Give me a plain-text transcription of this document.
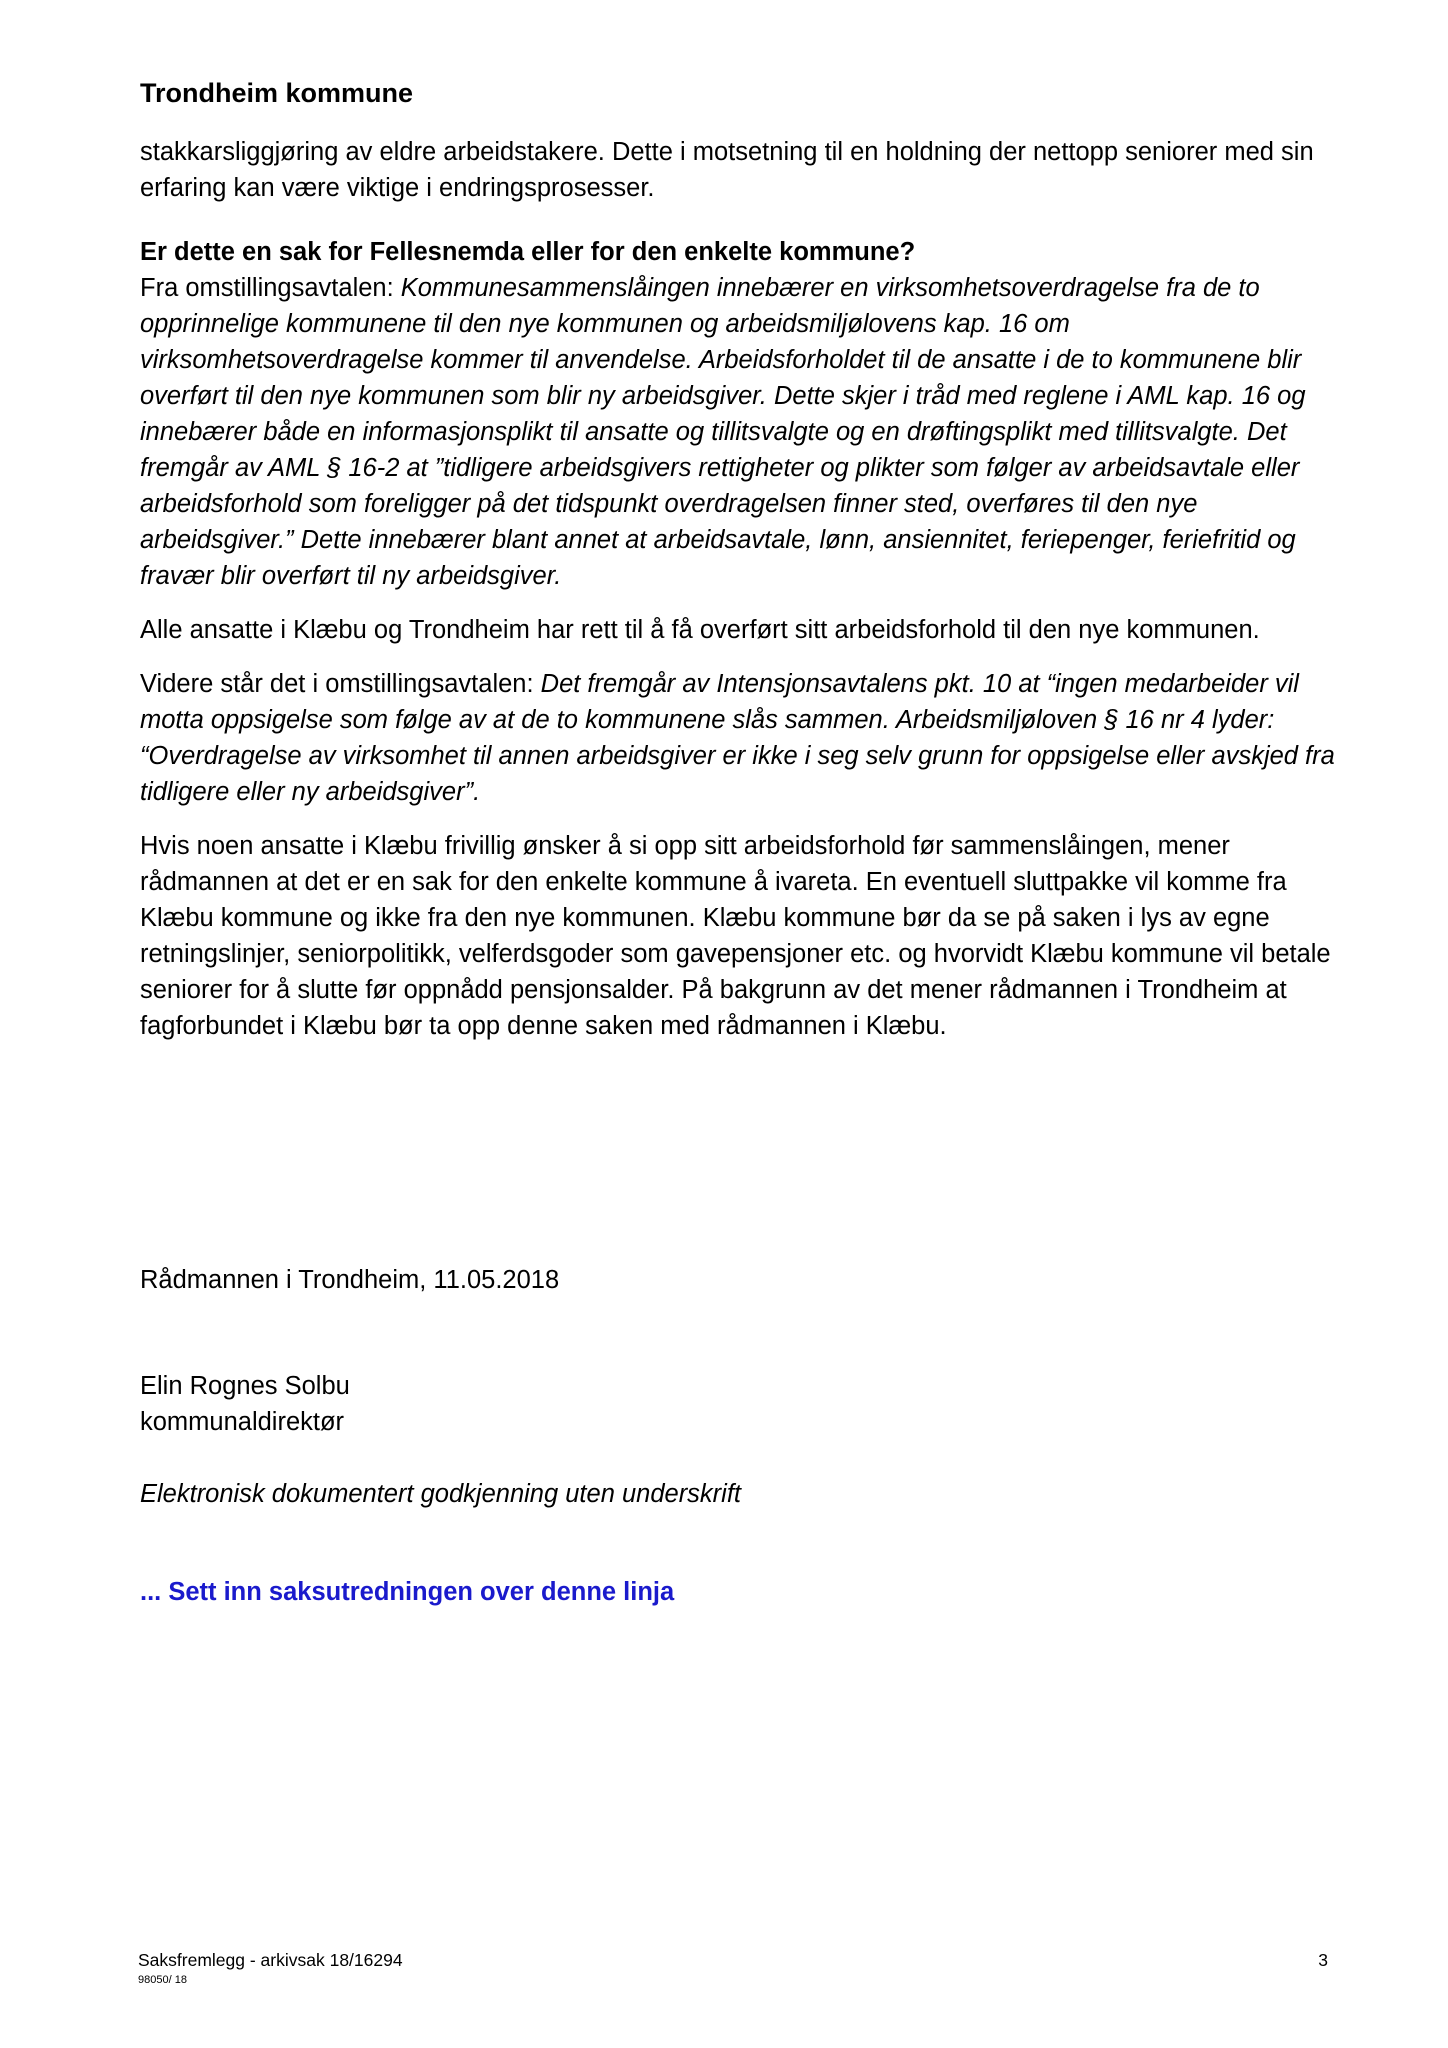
Trondheim kommune

stakkarsliggjøring av eldre arbeidstakere. Dette i motsetning til en holdning der nettopp seniorer med sin erfaring kan være viktige i endringsprosesser.

Er dette en sak for Fellesnemda eller for den enkelte kommune?

Fra omstillingsavtalen: Kommunesammenslåingen innebærer en virksomhetsoverdragelse fra de to opprinnelige kommunene til den nye kommunen og arbeidsmiljølovens kap. 16 om virksomhetsoverdragelse kommer til anvendelse. Arbeidsforholdet til de ansatte i de to kommunene blir overført til den nye kommunen som blir ny arbeidsgiver. Dette skjer i tråd med reglene i AML kap. 16 og innebærer både en informasjonsplikt til ansatte og tillitsvalgte og en drøftingsplikt med tillitsvalgte. Det fremgår av AML § 16-2 at ”tidligere arbeidsgivers rettigheter og plikter som følger av arbeidsavtale eller arbeidsforhold som foreligger på det tidspunkt overdragelsen finner sted, overføres til den nye arbeidsgiver.” Dette innebærer blant annet at arbeidsavtale, lønn, ansiennitet, feriepenger, feriefritid og fravær blir overført til ny arbeidsgiver.

Alle ansatte i Klæbu og Trondheim har rett til å få overført sitt arbeidsforhold til den nye kommunen.

Videre står det i omstillingsavtalen: Det fremgår av Intensjonsavtalens pkt. 10 at “ingen medarbeider vil motta oppsigelse som følge av at de to kommunene slås sammen. Arbeidsmiljøloven § 16 nr 4 lyder: “Overdragelse av virksomhet til annen arbeidsgiver er ikke i seg selv grunn for oppsigelse eller avskjed fra tidligere eller ny arbeidsgiver”.

Hvis noen ansatte i Klæbu frivillig ønsker å si opp sitt arbeidsforhold før sammenslåingen, mener rådmannen at det er en sak for den enkelte kommune å ivareta. En eventuell sluttpakke vil komme fra Klæbu kommune og ikke fra den nye kommunen. Klæbu kommune bør da se på saken i lys av egne retningslinjer, seniorpolitikk, velferdsgoder som gavepensjoner etc. og hvorvidt Klæbu kommune vil betale seniorer for å slutte før oppnådd pensjonsalder. På bakgrunn av det mener rådmannen i Trondheim at fagforbundet i Klæbu bør ta opp denne saken med rådmannen i Klæbu.

Rådmannen i Trondheim, 11.05.2018

Elin Rognes Solbu

kommunaldirektør

Elektronisk dokumentert godkjenning uten underskrift

... Sett inn saksutredningen over denne linja

Saksfremlegg - arkivsak 18/16294	3
98050/ 18
